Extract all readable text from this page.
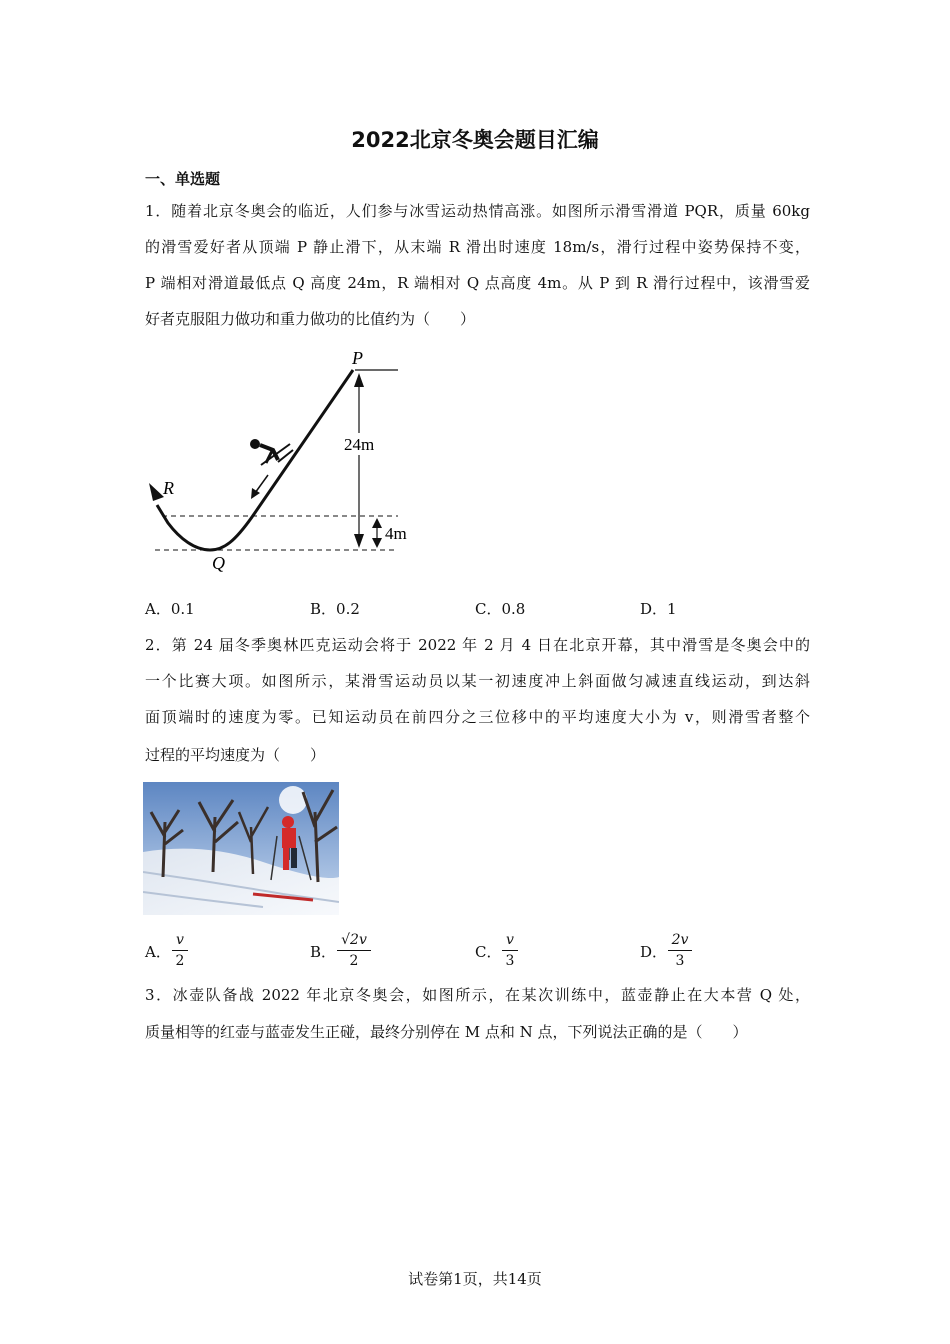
2022北京冬奥会题目汇编
一、单选题
1．随着北京冬奥会的临近，人们参与冰雪运动热情高涨。如图所示滑雪滑道 PQR，质量 60kg
的滑雪爱好者从顶端 P 静止滑下，从末端 R 滑出时速度 18m/s，滑行过程中姿势保持不变，
P 端相对滑道最低点 Q 高度 24m，R 端相对 Q 点高度 4m。从 P 到 R 滑行过程中，该滑雪爱
好者克服阻力做功和重力做功的比值约为（　　）
24m
4m
P
R
Q
A．0.1	B．0.2	C．0.8	D．1
2．第 24 届冬季奥林匹克运动会将于 2022 年 2 月 4 日在北京开幕，其中滑雪是冬奥会中的
一个比赛大项。如图所示，某滑雪运动员以某一初速度冲上斜面做匀减速直线运动，到达斜
面顶端时的速度为零。已知运动员在前四分之三位移中的平均速度大小为 v，则滑雪者整个
过程的平均速度为（　　）
A．
v
2	B．
√2v
2	C．
v
3	D．
2v
3
3．冰壶队备战 2022 年北京冬奥会，如图所示，在某次训练中，蓝壶静止在大本营 Q 处，
质量相等的红壶与蓝壶发生正碰，最终分别停在 M 点和 N 点，下列说法正确的是（　　）
试卷第1页，共14页
